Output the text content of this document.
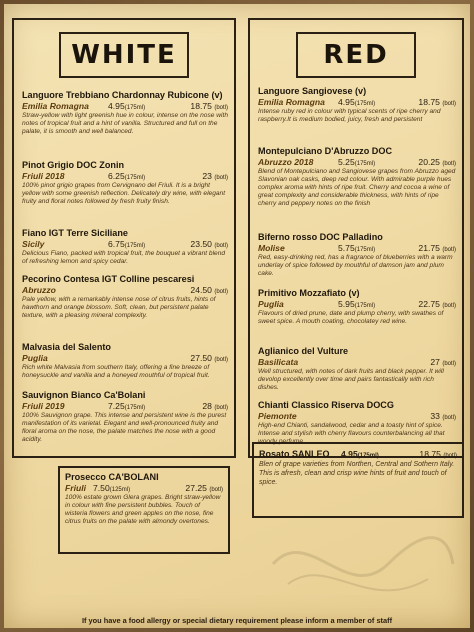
WHITE
Languore Trebbiano Chardonnay Rubicone (v)
Emilia Romagna 4.95(175ml)	18.75 (botl)
Straw-yellow with light greenish hue in colour, intense on the nose with notes of tropical fruit and a hint of vanilla. Structured and full on the palate, it is smooth and well balanced.
Pinot Grigio DOC Zonin
Friuli 2018	6.25(175ml)	23 (botl)
100% pinot grigio grapes from Cervignano del Friuli. It is a bright yellow with some greenish reflection. Delicately dry wine, with elegant fruity and floral notes followed by fresh fruity finish.
Fiano IGT Terre Siciliane
Sicily	6.75(175ml)	23.50 (botl)
Delicious Fiano, packed with tropical fruit, the bouquet a vibrant blend of refreshing lemon and spicy cedar.
Pecorino Contesa IGT Colline pescaresi
Abruzzo	24.50 (botl)
Pale yellow, with a remarkably intense nose of citrus fruits, hints of hawthorn and orange blossom. Soft, clean, but persistent palate texture, with a pleasing mineral complexity.
Malvasia del Salento
Puglia	27.50 (botl)
Rich white Malvasia from southern Italy, offering a fine breeze of honeysuckle and vanilla and a honeyed mouthful of tropical fruit.
Sauvignon Bianco Ca'Bolani
Friuli 2019	7.25(175ml)	28 (botl)
100% Sauvignon grape. This intense and persistent wine is the purest manifestation of its varietal. Elegant and well-pronounced fruity and floral aroma on the nose, the palate matches the nose with a good acidity.
RED
Languore Sangiovese (v)
Emilia Romagna 4.95(175ml)	18.75 (botl)
Intense ruby red in colour with typical scents of ripe cherry and raspberry.It is medium bodied, juicy, fresh and persistent
Montepulciano D'Abruzzo DOC
Abruzzo 2018	5.25(175ml)	20.25 (botl)
Blend of Montepulciano and Sangiovese grapes from Abruzzo aged Slavonian oak casks, deep red colour. With admirable purple hues complex aroma with hints of ripe fruit. Cherry and cocoa a wine of great complexity and considerable thickness, with hints of ripe cherry and peppery notes on the finish
Biferno rosso DOC Palladino
Molise	5.75(175ml)	21.75 (botl)
Red, easy-drinking red, has a fragrance of blueberries with a warm underlay of spice followed by mouthful of damson jam and plum cake.
Primitivo Mozzafiato (v)
Puglia	5.95(175ml)	22.75 (botl)
Flavours of dried prune, date and plump cherry, with swathes of sweet spice. A mouth coating, chocolatey red wine.
Aglianico del Vulture
Basilicata	27 (botl)
Well structured, with notes of dark fruits and black pepper. It will devolop excellently over time and pairs fantastically with rich dishes.
Chianti Classico Riserva DOCG
Piemonte	33 (botl)
High-end Chianti, sandalwood, cedar and a toasty hint of spice. Intense and stylish with cherry flavours counterbalancing all that woody perfume.
Prosecco CA'BOLANI
Friuli 7.50(125ml)	27.25 (botl)
100% estate grown Glera grapes. Bright straw-yellow in colour with fine persistent bubbles. Touch of wisteria flowers and green apples on the nose, fine citrus fruits on the palate with almondy overtones.
Rosato SANLEO 4.95(175ml)	18.75 (botl)
Blen of grape varieties from Northen, Central and Sothern Italy. This is afresh, clean and crisp wine hints of fruit and touch of spice.
If you have a food allergy or special dietary requirement please inform a member of staff
